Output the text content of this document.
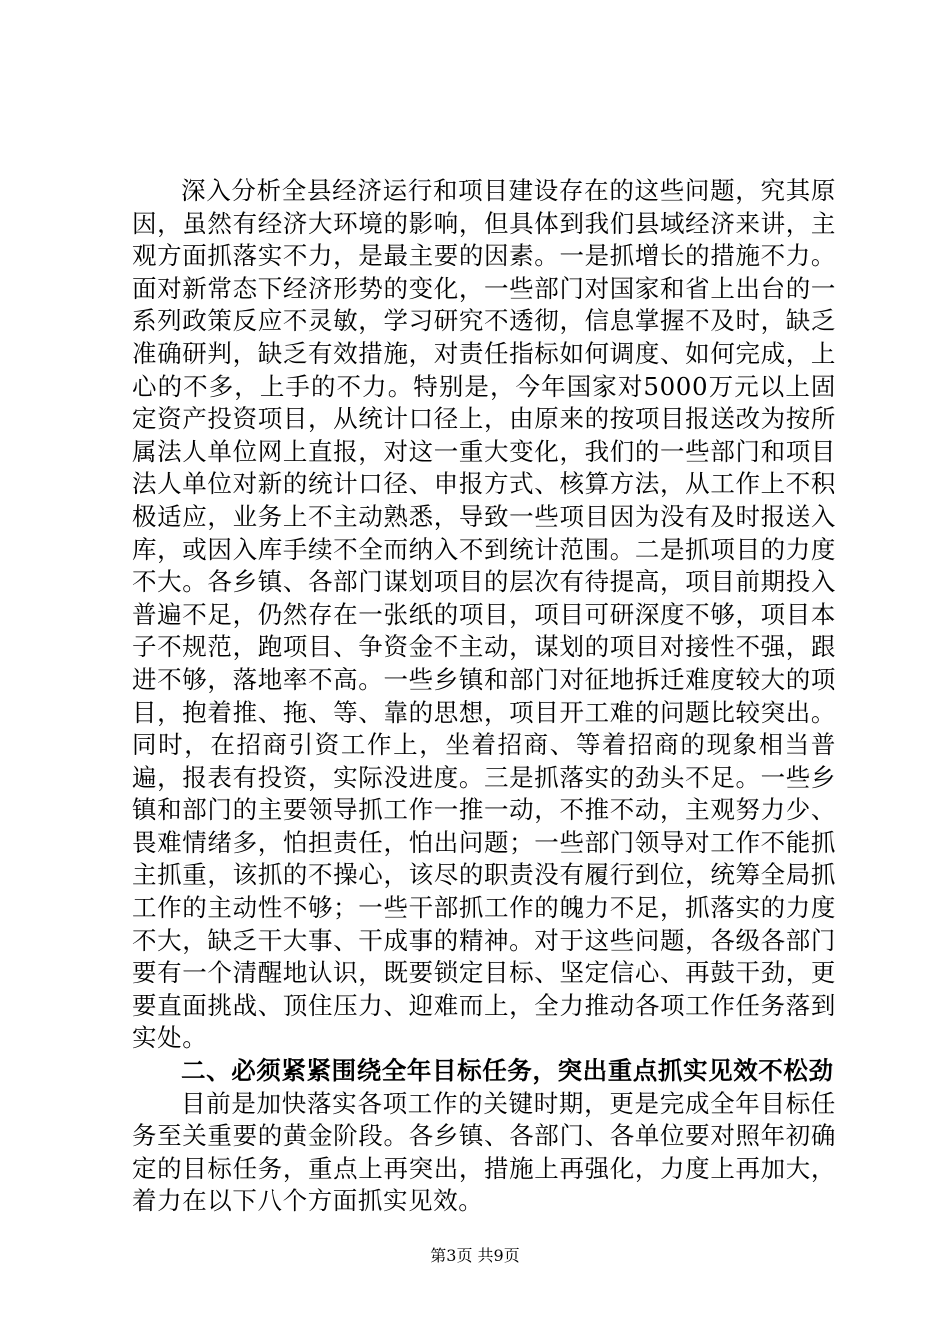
深入分析全县经济运行和项目建设存在的这些问题，究其原因，虽然有经济大环境的影响，但具体到我们县域经济来讲，主观方面抓落实不力，是最主要的因素。一是抓增长的措施不力。面对新常态下经济形势的变化，一些部门对国家和省上出台的一系列政策反应不灵敏，学习研究不透彻，信息掌握不及时，缺乏准确研判，缺乏有效措施，对责任指标如何调度、如何完成，上心的不多，上手的不力。特别是，今年国家对5000万元以上固定资产投资项目，从统计口径上，由原来的按项目报送改为按所属法人单位网上直报，对这一重大变化，我们的一些部门和项目法人单位对新的统计口径、申报方式、核算方法，从工作上不积极适应，业务上不主动熟悉，导致一些项目因为没有及时报送入库，或因入库手续不全而纳入不到统计范围。二是抓项目的力度不大。各乡镇、各部门谋划项目的层次有待提高，项目前期投入普遍不足，仍然存在一张纸的项目，项目可研深度不够，项目本子不规范，跑项目、争资金不主动，谋划的项目对接性不强，跟进不够，落地率不高。一些乡镇和部门对征地拆迁难度较大的项目，抱着推、拖、等、靠的思想，项目开工难的问题比较突出。同时，在招商引资工作上，坐着招商、等着招商的现象相当普遍，报表有投资，实际没进度。三是抓落实的劲头不足。一些乡镇和部门的主要领导抓工作一推一动，不推不动，主观努力少、畏难情绪多，怕担责任，怕出问题；一些部门领导对工作不能抓主抓重，该抓的不操心，该尽的职责没有履行到位，统筹全局抓工作的主动性不够；一些干部抓工作的魄力不足，抓落实的力度不大，缺乏干大事、干成事的精神。对于这些问题，各级各部门要有一个清醒地认识，既要锁定目标、坚定信心、再鼓干劲，更要直面挑战、顶住压力、迎难而上，全力推动各项工作任务落到实处。

二、必须紧紧围绕全年目标任务，突出重点抓实见效不松劲

目前是加快落实各项工作的关键时期，更是完成全年目标任务至关重要的黄金阶段。各乡镇、各部门、各单位要对照年初确定的目标任务，重点上再突出，措施上再强化，力度上再加大，着力在以下八个方面抓实见效。

第3页 共9页
